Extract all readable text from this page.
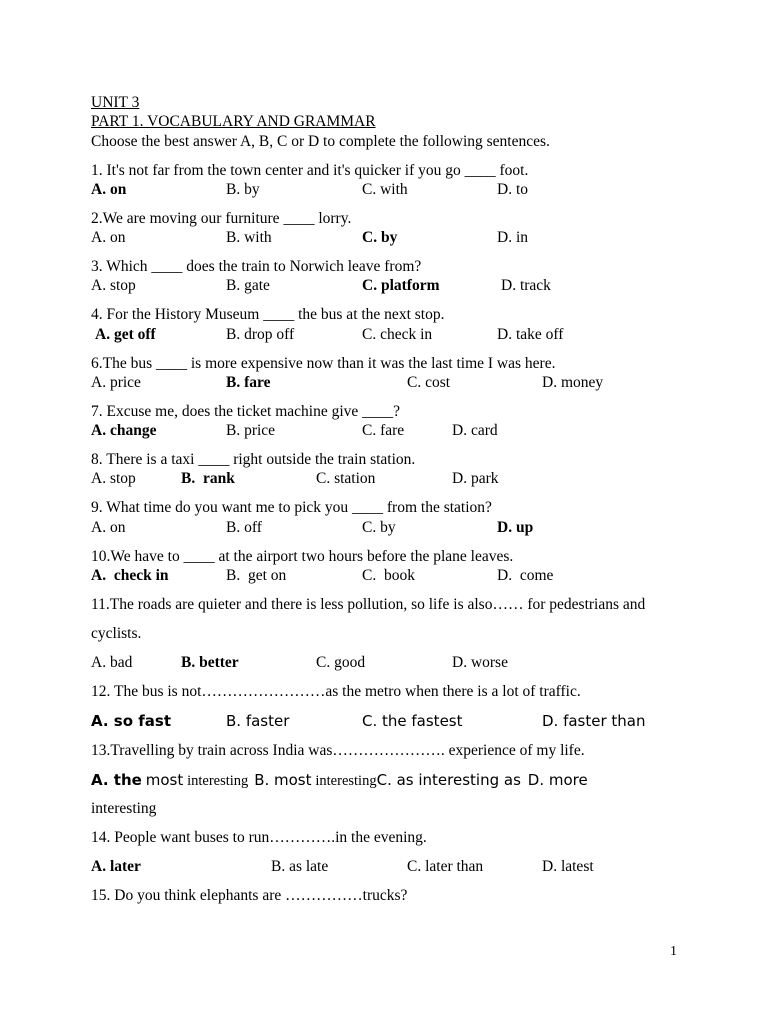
UNIT 3
PART 1. VOCABULARY AND GRAMMAR
Choose the best answer A, B, C or D to complete the following sentences.
1. It's not far from the town center and it's quicker if you go ____ foot.
A. on	B. by	C. with	D. to
2.We are moving our furniture ____ lorry.
A. on	B. with	C. by	D. in
3. Which ____ does the train to Norwich leave from?
A. stop	B. gate	C. platform	D. track
4. For the History Museum ____ the bus at the next stop.
A. get off	B. drop off	C. check in	D. take off
6.The bus ____ is more expensive now than it was the last time I was here.
A. price	B. fare	C. cost	D. money
7. Excuse me, does the ticket machine give ____?
A. change	B. price	C. fare	D. card
8. There is a taxi ____ right outside the train station.
A. stop	B.  rank	C. station	D. park
9. What time do you want me to pick you ____ from the station?
A. on	B. off	C. by	D. up
10.We have to ____ at the airport two hours before the plane leaves.
A.  check in	B.  get on	C.  book	D.  come
11.The roads are quieter and there is less pollution, so life is also…… for pedestrians and
cyclists.
A. bad	B. better	C. good	D. worse
12. The bus is not……………………as the metro when there is a lot of traffic.
A. so fast	B. faster	C. the fastest	D. faster than
13.Travelling by train across India was…………………. experience of my life.
A. the most interesting B. most interestingC. as interesting as D. more
interesting
14. People want buses to run………….in the evening.
A. later	B. as late	C. later than	D. latest
15. Do you think elephants are ……………trucks?
1
